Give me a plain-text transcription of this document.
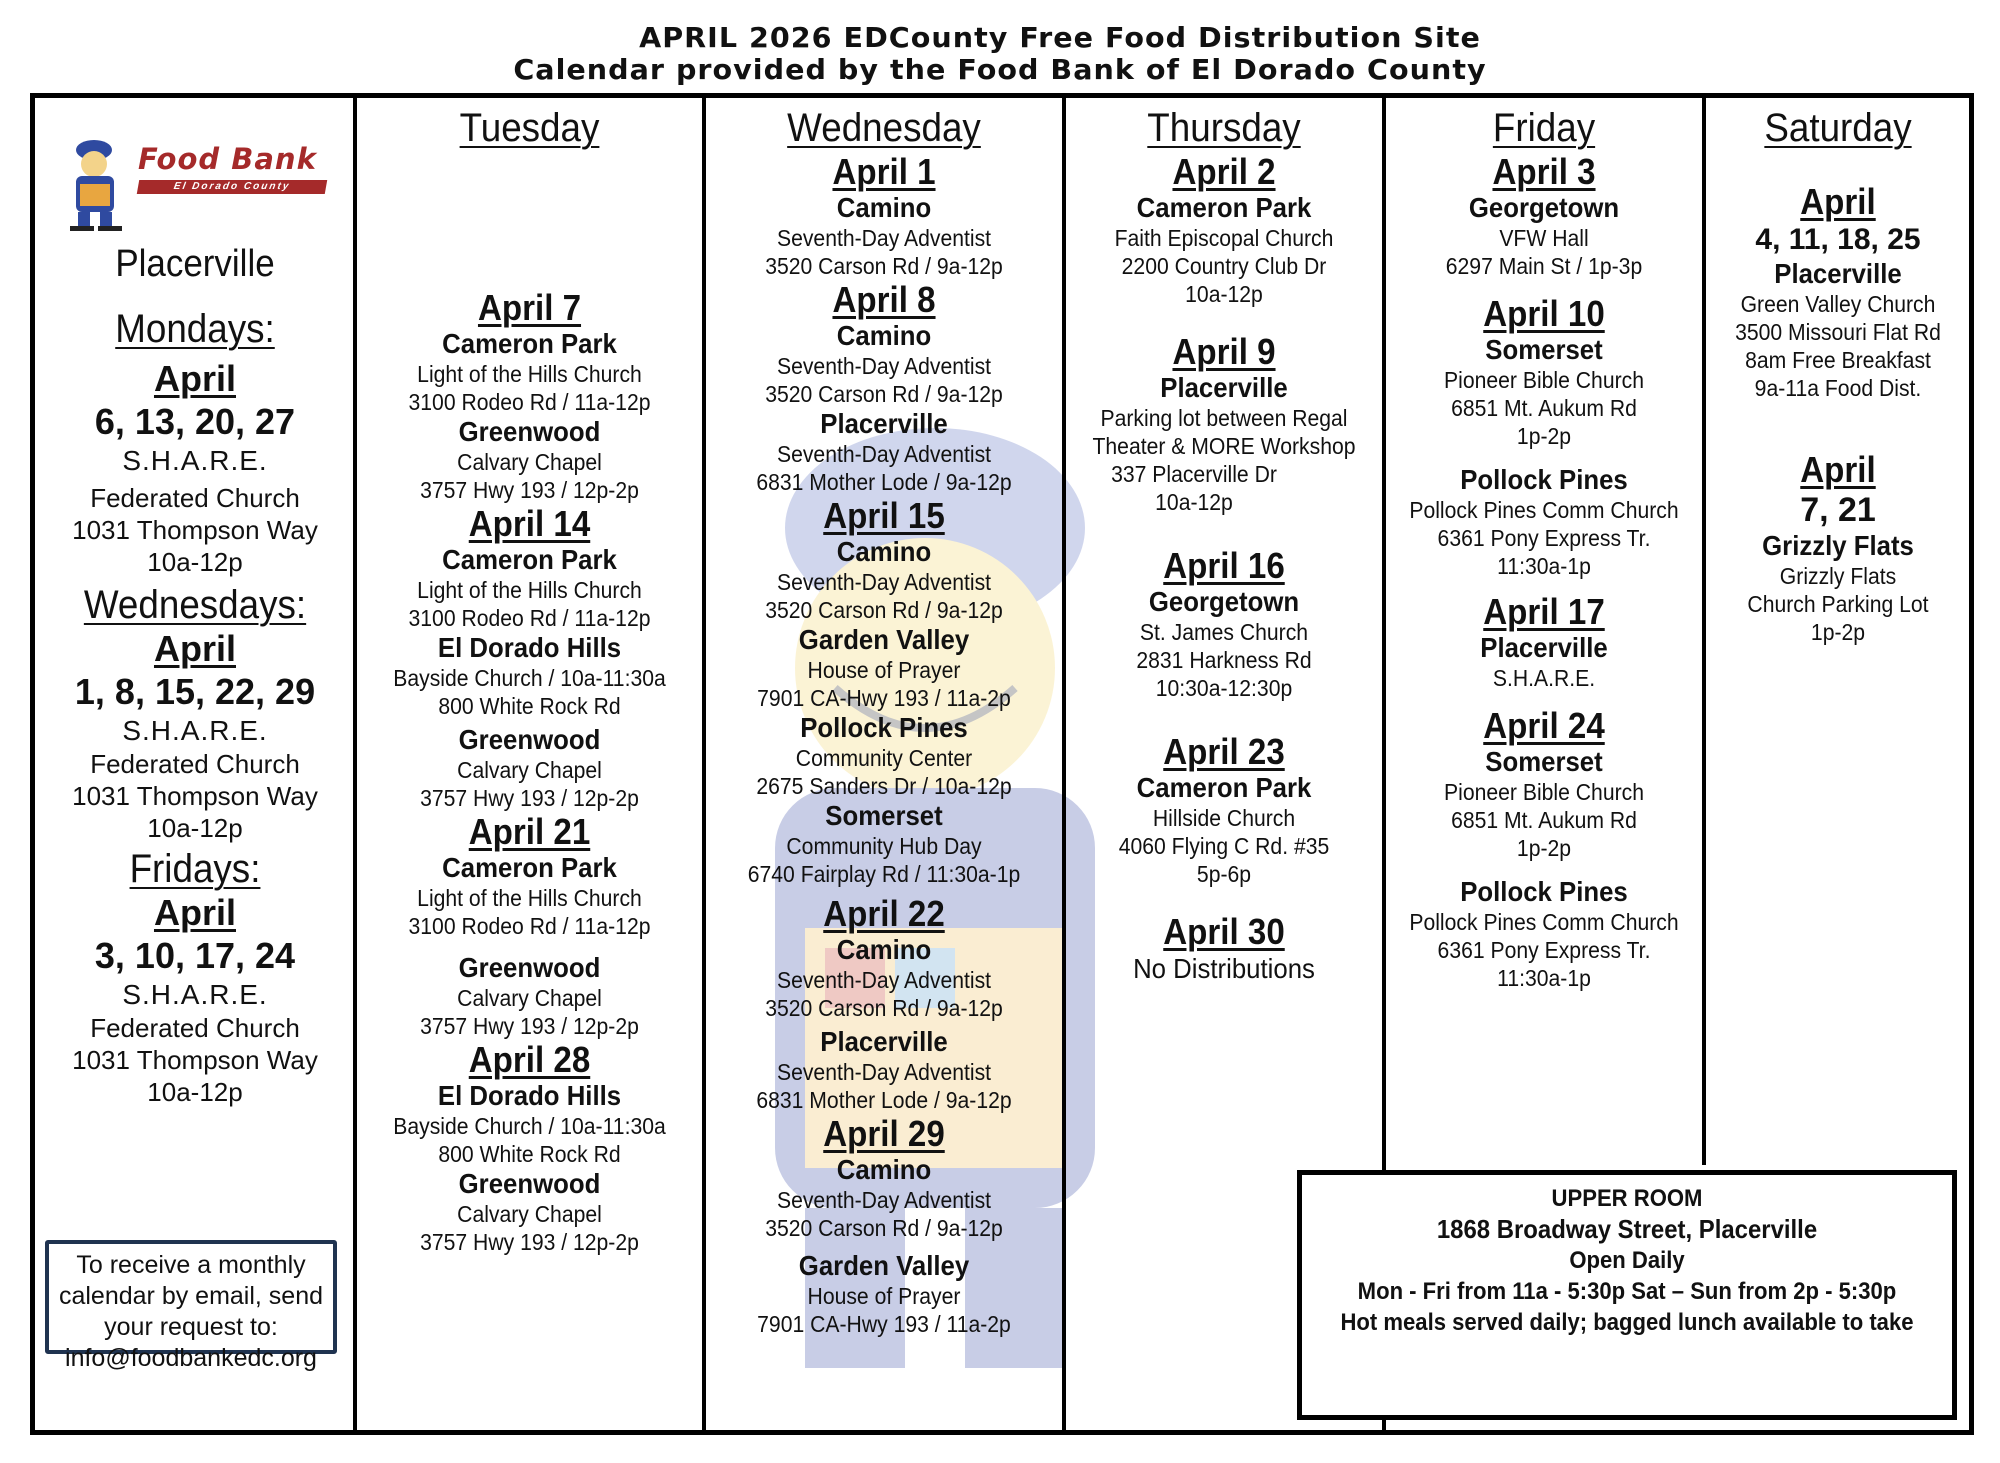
APRIL 2026 EDCounty Free Food Distribution Site
Calendar provided by the Food Bank of El Dorado County
Food Bank
El Dorado County
Placerville
Mondays:
April
6, 13, 20, 27
S.H.A.R.E.
Federated Church
1031 Thompson Way
10a-12p
Wednesdays:
April
1, 8, 15, 22, 29
S.H.A.R.E.
Federated Church
1031 Thompson Way
10a-12p
Fridays:
April
3, 10, 17, 24
S.H.A.R.E.
Federated Church
1031 Thompson Way
10a-12p
To receive a monthly
calendar by email, send
your request to:
info@foodbankedc.org
Tuesday
April 7
Cameron Park
Light of the Hills Church
3100 Rodeo Rd / 11a-12p
Greenwood
Calvary Chapel
3757 Hwy 193 / 12p-2p
April 14
Cameron Park
Light of the Hills Church
3100 Rodeo Rd / 11a-12p
El Dorado Hills
Bayside Church / 10a-11:30a
800 White Rock Rd
Greenwood
Calvary Chapel
3757 Hwy 193 / 12p-2p
April 21
Cameron Park
Light of the Hills Church
3100 Rodeo Rd / 11a-12p
Greenwood
Calvary Chapel
3757 Hwy 193 / 12p-2p
April 28
El Dorado Hills
Bayside Church / 10a-11:30a
800 White Rock Rd
Greenwood
Calvary Chapel
3757 Hwy 193 / 12p-2p
Wednesday
April 1
Camino
Seventh-Day Adventist
3520 Carson Rd / 9a-12p
April 8
Camino
Seventh-Day Adventist
3520 Carson Rd / 9a-12p
Placerville
Seventh-Day Adventist
6831 Mother Lode / 9a-12p
April 15
Camino
Seventh-Day Adventist
3520 Carson Rd / 9a-12p
Garden Valley
House of Prayer
7901 CA-Hwy 193 / 11a-2p
Pollock Pines
Community Center
2675 Sanders Dr / 10a-12p
Somerset
Community Hub Day
6740 Fairplay Rd / 11:30a-1p
April 22
Camino
Seventh-Day Adventist
3520 Carson Rd / 9a-12p
Placerville
Seventh-Day Adventist
6831 Mother Lode / 9a-12p
April 29
Camino
Seventh-Day Adventist
3520 Carson Rd / 9a-12p
Garden Valley
House of Prayer
7901 CA-Hwy 193 / 11a-2p
Thursday
April 2
Cameron Park
Faith Episcopal Church
2200 Country Club Dr
10a-12p
April 9
Placerville
Parking lot between Regal
Theater & MORE Workshop
337 Placerville Dr
10a-12p
April 16
Georgetown
St. James Church
2831 Harkness Rd
10:30a-12:30p
April 23
Cameron Park
Hillside Church
4060 Flying C Rd. #35
5p-6p
April 30
No Distributions
Friday
April 3
Georgetown
VFW Hall
6297 Main St / 1p-3p
April 10
Somerset
Pioneer Bible Church
6851 Mt. Aukum Rd
1p-2p
Pollock Pines
Pollock Pines Comm Church
6361 Pony Express Tr.
11:30a-1p
April 17
Placerville
S.H.A.R.E.
April 24
Somerset
Pioneer Bible Church
6851 Mt. Aukum Rd
1p-2p
Pollock Pines
Pollock Pines Comm Church
6361 Pony Express Tr.
11:30a-1p
Saturday
April
4, 11, 18, 25
Placerville
Green Valley Church
3500 Missouri Flat Rd
8am Free Breakfast
9a-11a Food Dist.
April
7, 21
Grizzly Flats
Grizzly Flats
Church Parking Lot
1p-2p
UPPER ROOM
1868 Broadway Street, Placerville
Open Daily
Mon - Fri from 11a - 5:30p Sat – Sun from 2p - 5:30p
Hot meals served daily; bagged lunch available to take
